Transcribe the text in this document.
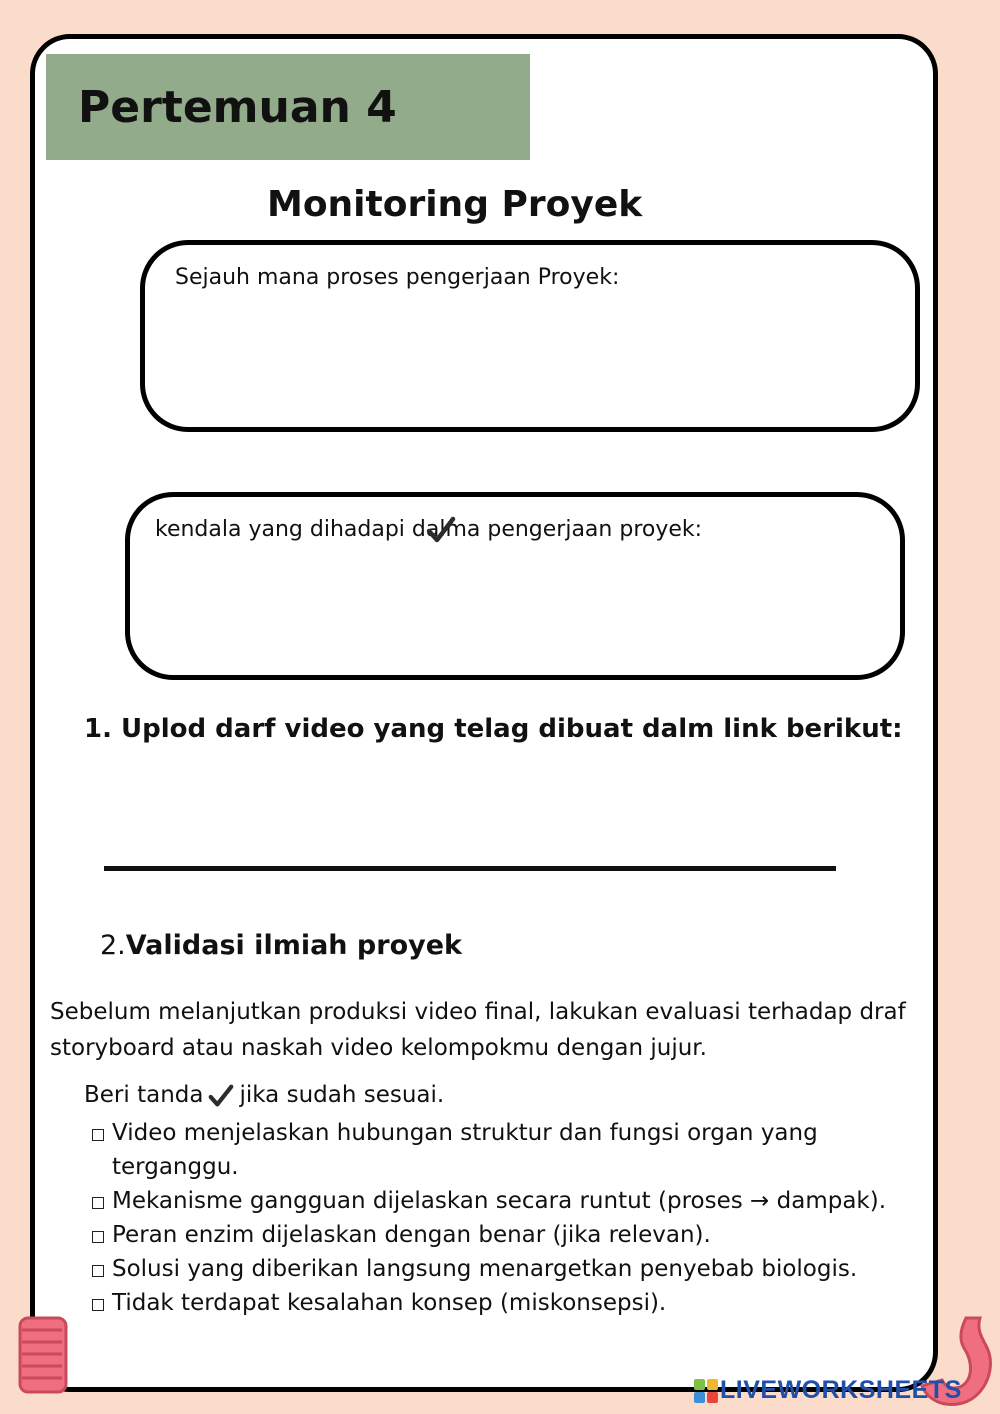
Pertemuan 4
Monitoring Proyek
Sejauh mana proses pengerjaan Proyek:
kendala yang dihadapi dalma pengerjaan proyek:

1. Uplod darf video yang telag dibuat dalm link berikut:

2.Validasi ilmiah proyek

Sebelum melanjutkan produksi video final, lakukan evaluasi terhadap draf storyboard atau naskah video kelompokmu dengan jujur.

Beri tanda jika sudah sesuai.
Video menjelaskan hubungan struktur dan fungsi organ yang terganggu.
Mekanisme gangguan dijelaskan secara runtut (proses → dampak).
Peran enzim dijelaskan dengan benar (jika relevan).
Solusi yang diberikan langsung menargetkan penyebab biologis.
Tidak terdapat kesalahan konsep (miskonsepsi).
LIVEWORKSHEETS
